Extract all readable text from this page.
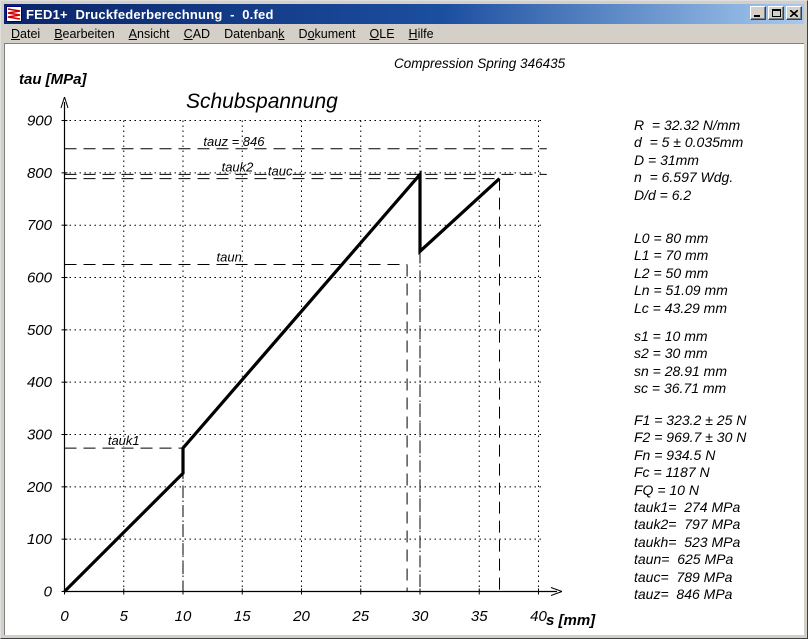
FED1+  Druckfederberechnung  -  0.fed
Datei	Bearbeiten	Ansicht	CAD	Datenbank	Dokument	OLE	Hilfe
0	5	10	15	20	25	30	35	40
0
100
200
300
400
500
600
700
800
900
tauz = 846
tauk2 tauc
taun
tauk1
tau [MPa]
s [mm]
Schubspannung
Compression Spring 346435
R  = 32.32 N/mm
d  = 5 ± 0.035mm
D = 31mm
n  = 6.597 Wdg.
D/d = 6.2
L0 = 80 mm
L1 = 70 mm
L2 = 50 mm
Ln = 51.09 mm
Lc = 43.29 mm
s1 = 10 mm
s2 = 30 mm
sn = 28.91 mm
sc = 36.71 mm
F1 = 323.2 ± 25 N
F2 = 969.7 ± 30 N
Fn = 934.5 N
Fc = 1187 N
FQ = 10 N
tauk1=  274 MPa
tauk2=  797 MPa
taukh=  523 MPa
taun=  625 MPa
tauc=  789 MPa
tauz=  846 MPa
